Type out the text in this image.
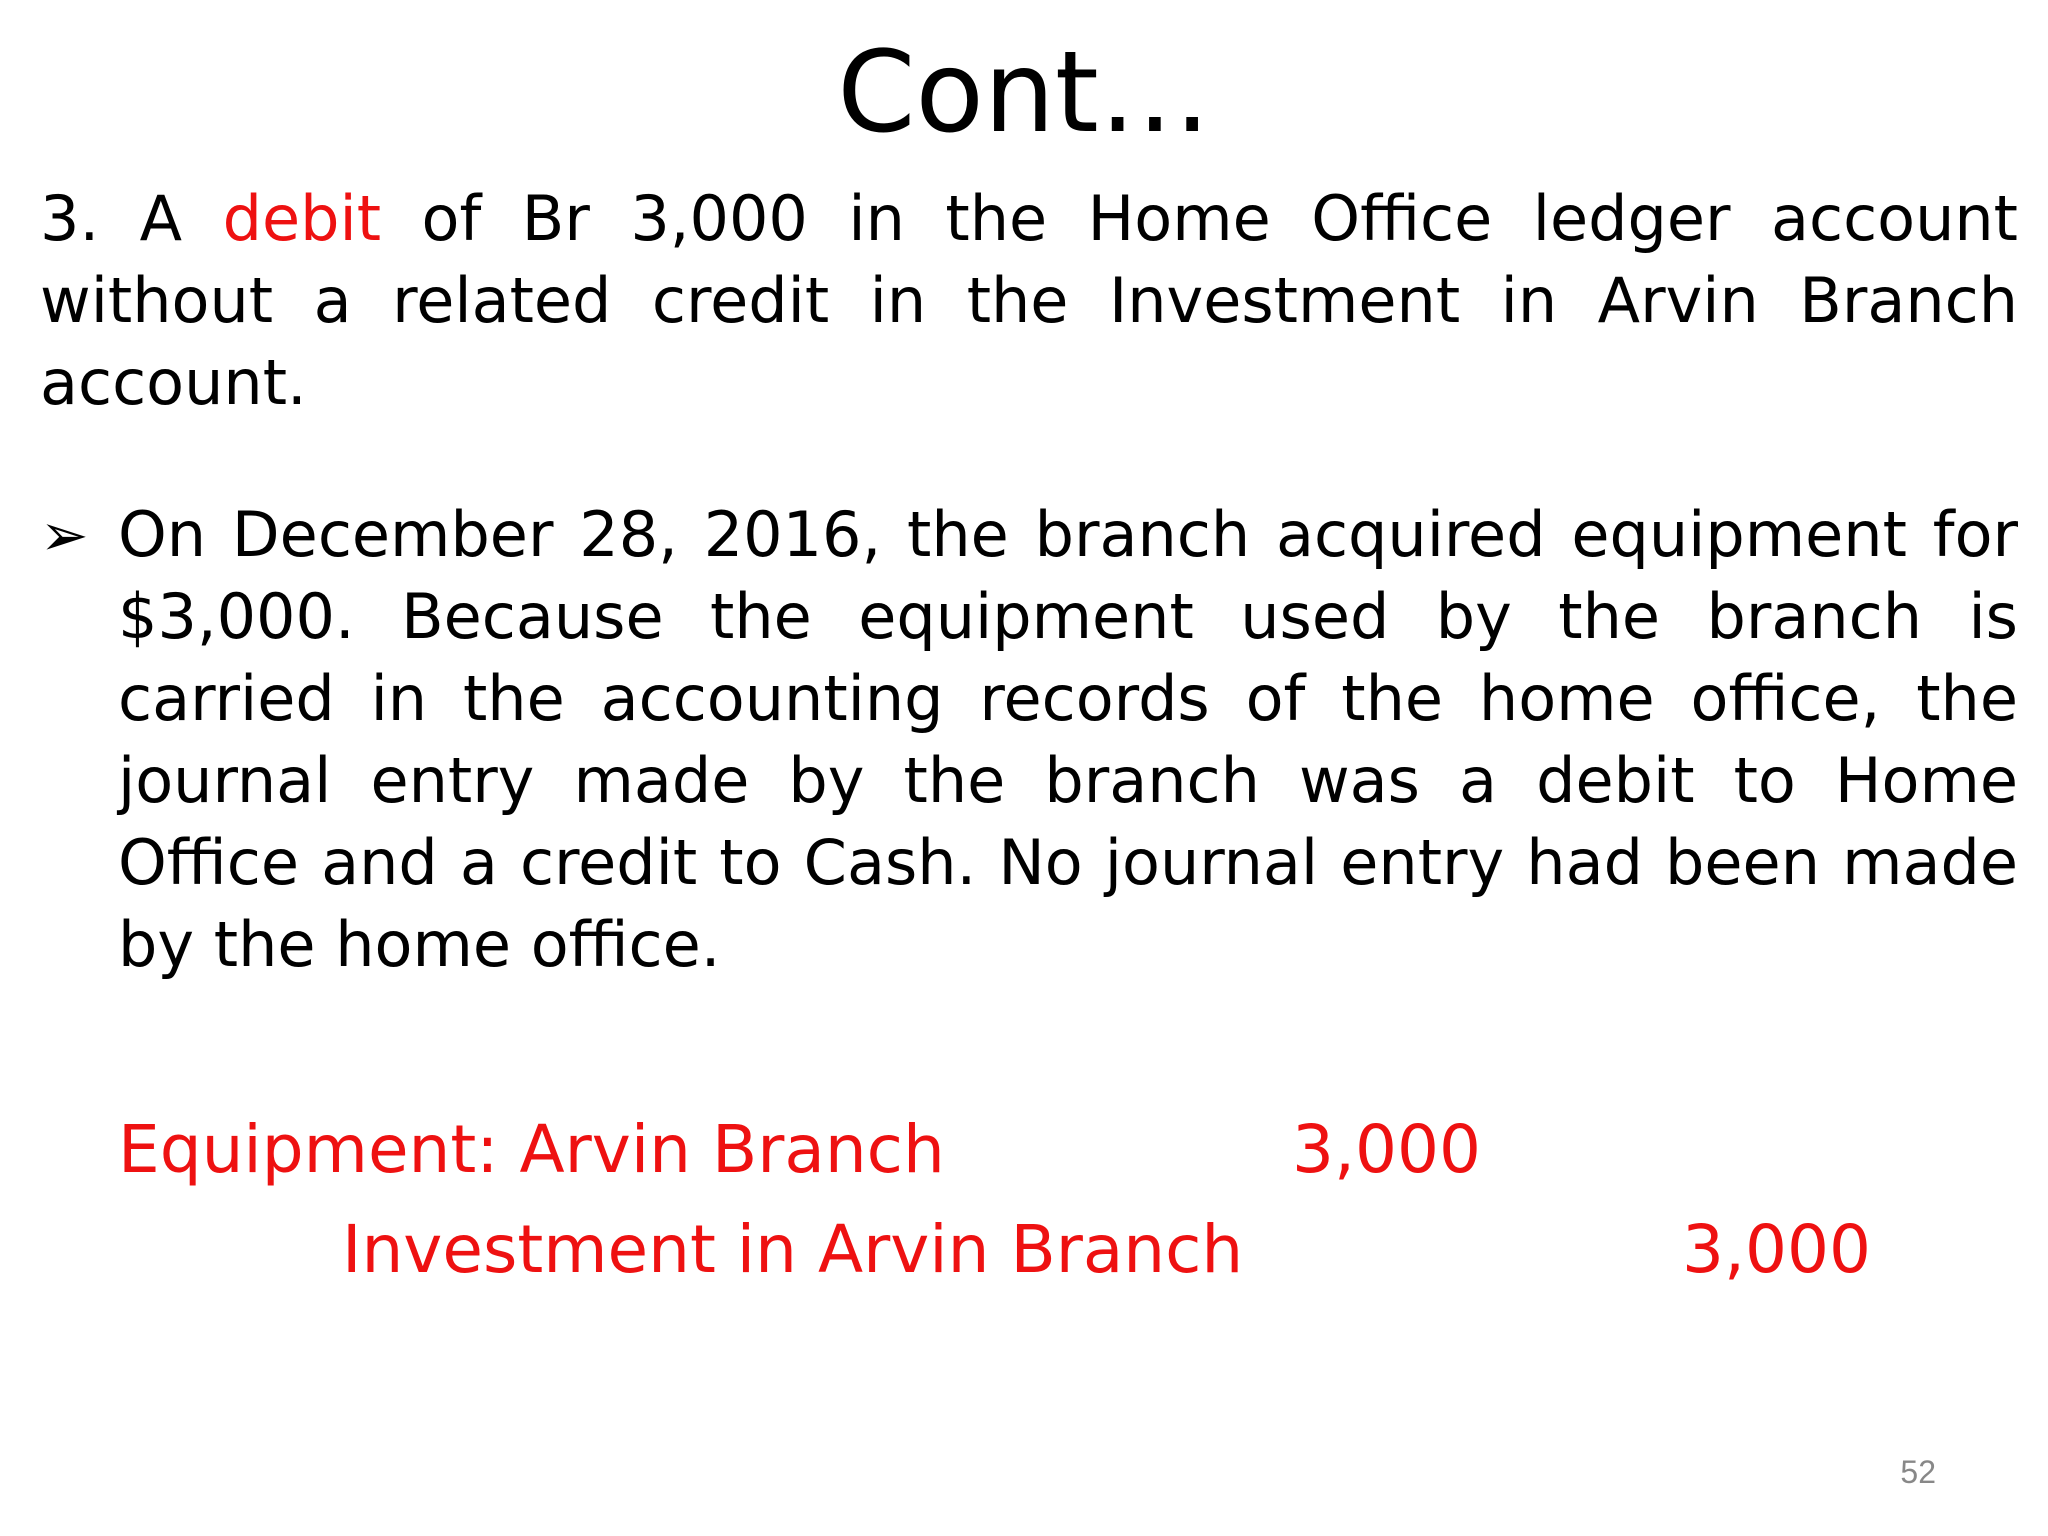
Cont…

3. A debit of Br 3,000 in the Home Office ledger account without a related credit in the Investment in Arvin Branch account.

➢ On December 28, 2016, the branch acquired equipment for $3,000. Because the equipment used by the branch is carried in the accounting records of the home office, the journal entry made by the branch was a debit to Home Office and a credit to Cash. No journal entry had been made by the home office.

Equipment: Arvin Branch	3,000
Investment in Arvin Branch	3,000
52
